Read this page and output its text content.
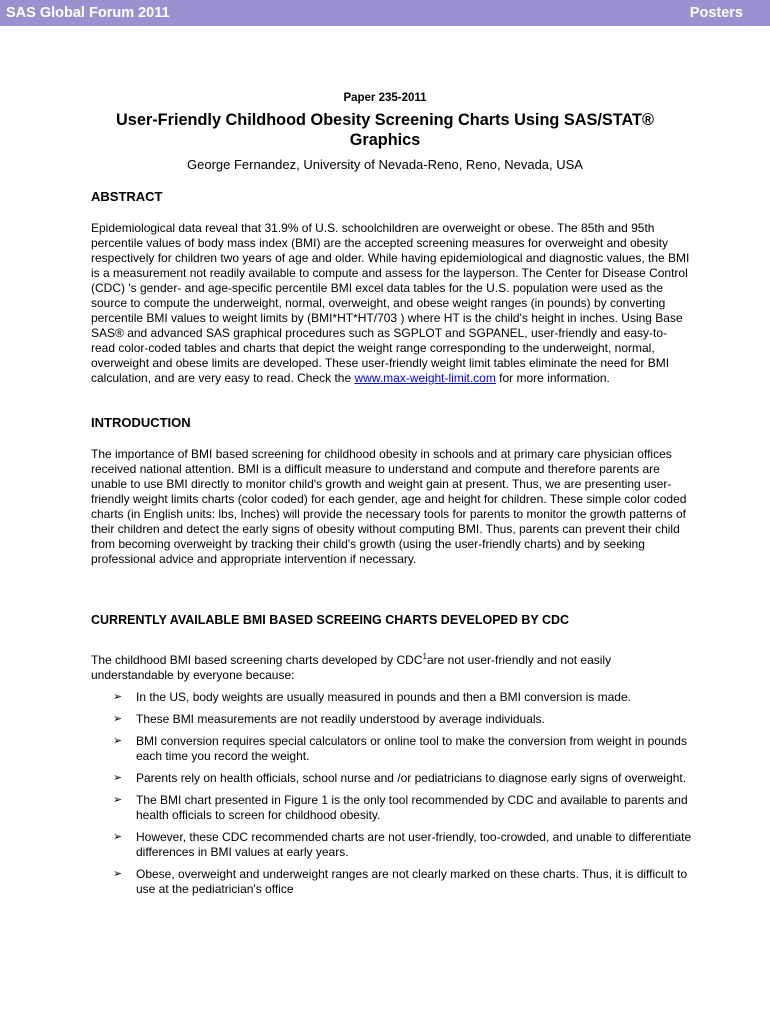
SAS Global Forum 2011	Posters
Paper 235-2011
User-Friendly Childhood Obesity Screening Charts Using SAS/STAT® Graphics
George Fernandez, University of Nevada-Reno, Reno, Nevada, USA
ABSTRACT

Epidemiological data reveal that 31.9% of U.S. schoolchildren are overweight or obese. The 85th and 95th percentile values of body mass index (BMI) are the accepted screening measures for overweight and obesity respectively for children two years of age and older. While having epidemiological and diagnostic values, the BMI is a measurement not readily available to compute and assess for the layperson. The Center for Disease Control (CDC) 's gender- and age-specific percentile BMI excel data tables for the U.S. population were used as the source to compute the underweight, normal, overweight, and obese weight ranges (in pounds) by converting percentile BMI values to weight limits by (BMI*HT*HT/703 ) where HT is the child's height in inches. Using Base SAS® and advanced SAS graphical procedures such as SGPLOT and SGPANEL, user-friendly and easy-to-read color-coded tables and charts that depict the weight range corresponding to the underweight, normal, overweight and obese limits are developed. These user-friendly weight limit tables eliminate the need for BMI calculation, and are very easy to read. Check the www.max-weight-limit.com for more information.

INTRODUCTION

The importance of BMI based screening for childhood obesity in schools and at primary care physician offices received national attention. BMI is a difficult measure to understand and compute and therefore parents are unable to use BMI directly to monitor child's growth and weight gain at present. Thus, we are presenting user-friendly weight limits charts (color coded) for each gender, age and height for children. These simple color coded charts (in English units: lbs, Inches) will provide the necessary tools for parents to monitor the growth patterns of their children and detect the early signs of obesity without computing BMI. Thus, parents can prevent their child from becoming overweight by tracking their child's growth (using the user-friendly charts) and by seeking professional advice and appropriate intervention if necessary.

CURRENTLY AVAILABLE BMI BASED SCREEING CHARTS DEVELOPED BY CDC

The childhood BMI based screening charts developed by CDC$^1$are not user-friendly and not easily understandable by everyone because:

➢ In the US, body weights are usually measured in pounds and then a BMI conversion is made.
➢ These BMI measurements are not readily understood by average individuals.
➢ BMI conversion requires special calculators or online tool to make the conversion from weight in pounds each time you record the weight.
➢ Parents rely on health officials, school nurse and /or pediatricians to diagnose early signs of overweight.
➢ The BMI chart presented in Figure 1 is the only tool recommended by CDC and available to parents and health officials to screen for childhood obesity.
➢ However, these CDC recommended charts are not user-friendly, too-crowded, and unable to differentiate differences in BMI values at early years.
➢ Obese, overweight and underweight ranges are not clearly marked on these charts. Thus, it is difficult to use at the pediatrician's office
